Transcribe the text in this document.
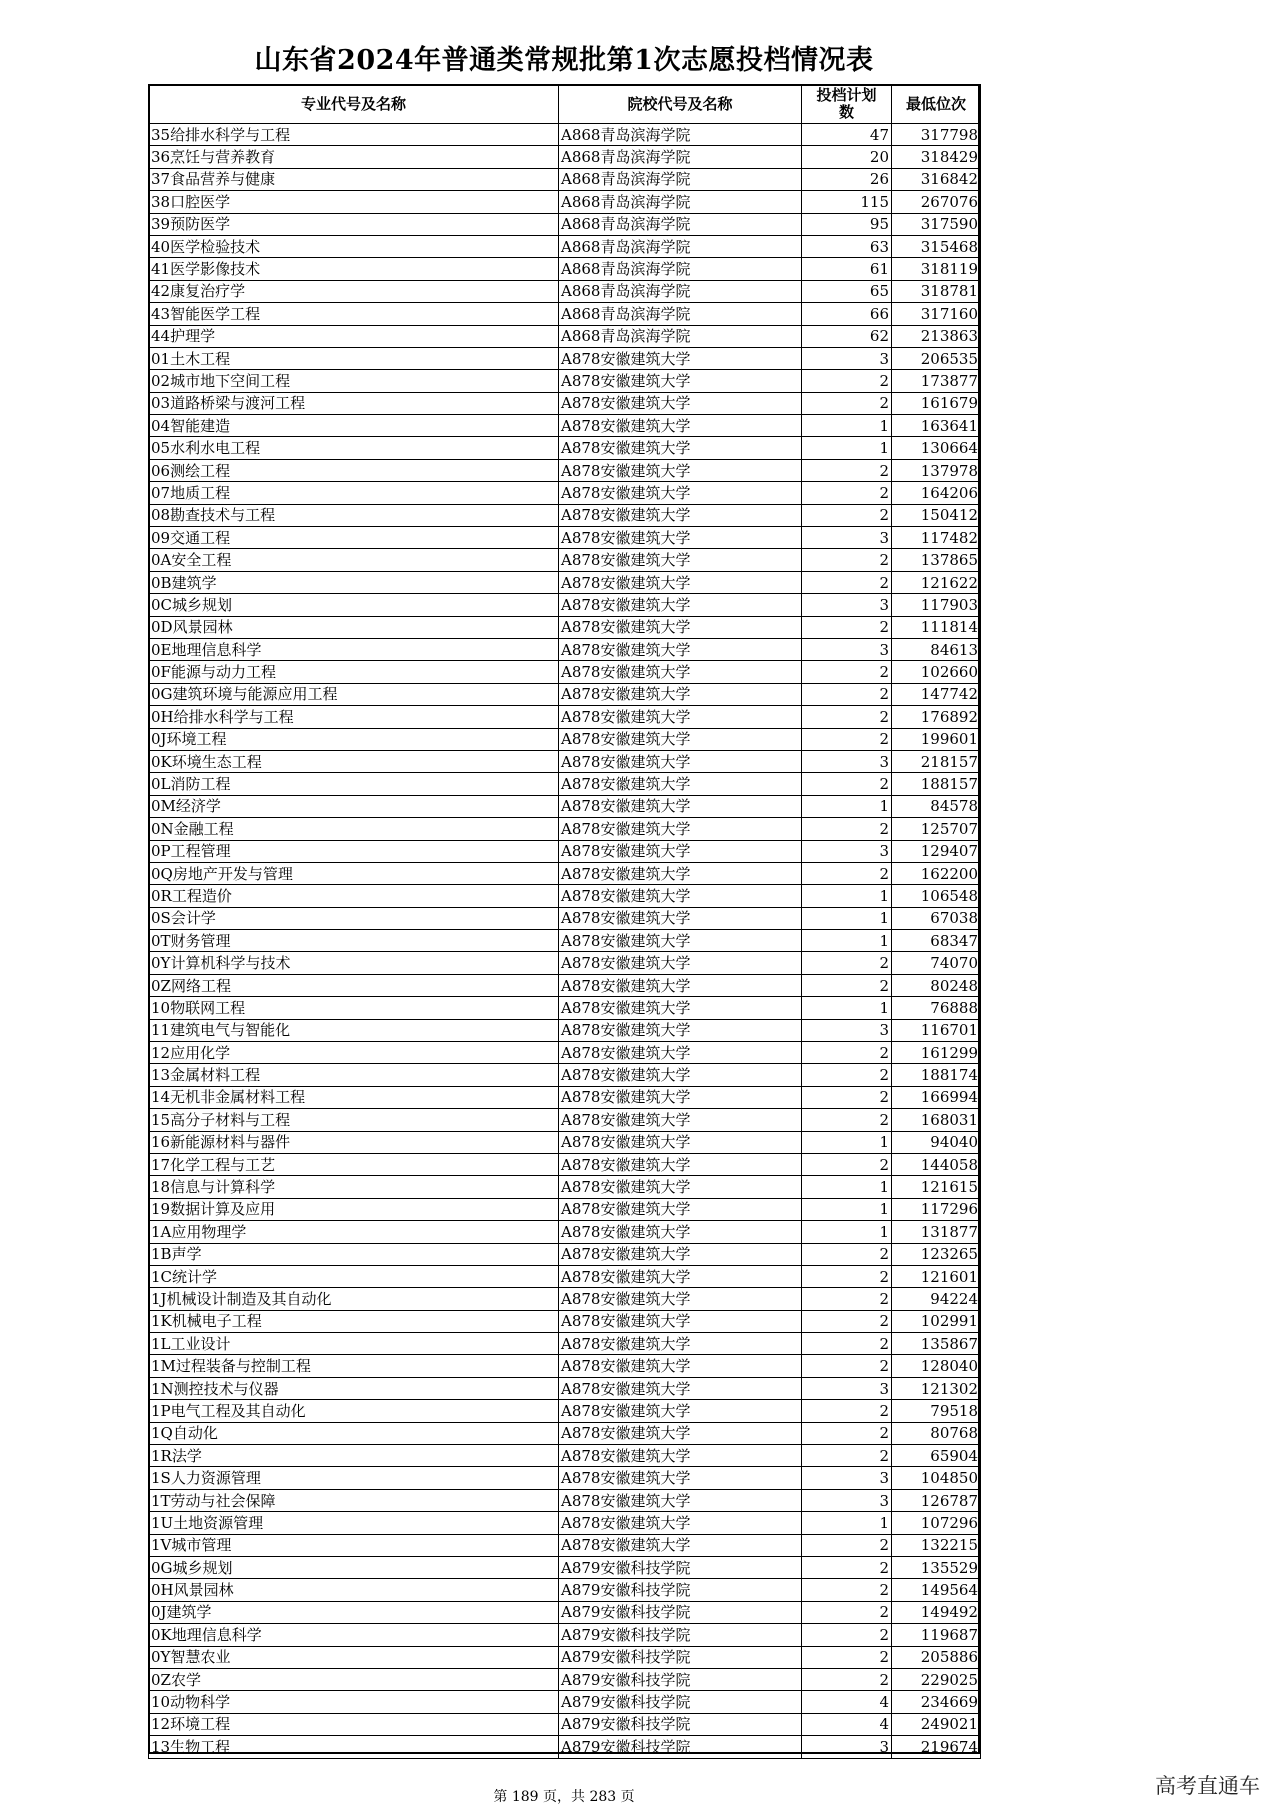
山东省2024年普通类常规批第1次志愿投档情况表
专业代号及名称	院校代号及名称	投档计划数	最低位次
35给排水科学与工程	A868青岛滨海学院	47	317798
36烹饪与营养教育	A868青岛滨海学院	20	318429
37食品营养与健康	A868青岛滨海学院	26	316842
38口腔医学	A868青岛滨海学院	115	267076
39预防医学	A868青岛滨海学院	95	317590
40医学检验技术	A868青岛滨海学院	63	315468
41医学影像技术	A868青岛滨海学院	61	318119
42康复治疗学	A868青岛滨海学院	65	318781
43智能医学工程	A868青岛滨海学院	66	317160
44护理学	A868青岛滨海学院	62	213863
01土木工程	A878安徽建筑大学	3	206535
02城市地下空间工程	A878安徽建筑大学	2	173877
03道路桥梁与渡河工程	A878安徽建筑大学	2	161679
04智能建造	A878安徽建筑大学	1	163641
05水利水电工程	A878安徽建筑大学	1	130664
06测绘工程	A878安徽建筑大学	2	137978
07地质工程	A878安徽建筑大学	2	164206
08勘查技术与工程	A878安徽建筑大学	2	150412
09交通工程	A878安徽建筑大学	3	117482
0A安全工程	A878安徽建筑大学	2	137865
0B建筑学	A878安徽建筑大学	2	121622
0C城乡规划	A878安徽建筑大学	3	117903
0D风景园林	A878安徽建筑大学	2	111814
0E地理信息科学	A878安徽建筑大学	3	84613
0F能源与动力工程	A878安徽建筑大学	2	102660
0G建筑环境与能源应用工程	A878安徽建筑大学	2	147742
0H给排水科学与工程	A878安徽建筑大学	2	176892
0J环境工程	A878安徽建筑大学	2	199601
0K环境生态工程	A878安徽建筑大学	3	218157
0L消防工程	A878安徽建筑大学	2	188157
0M经济学	A878安徽建筑大学	1	84578
0N金融工程	A878安徽建筑大学	2	125707
0P工程管理	A878安徽建筑大学	3	129407
0Q房地产开发与管理	A878安徽建筑大学	2	162200
0R工程造价	A878安徽建筑大学	1	106548
0S会计学	A878安徽建筑大学	1	67038
0T财务管理	A878安徽建筑大学	1	68347
0Y计算机科学与技术	A878安徽建筑大学	2	74070
0Z网络工程	A878安徽建筑大学	2	80248
10物联网工程	A878安徽建筑大学	1	76888
11建筑电气与智能化	A878安徽建筑大学	3	116701
12应用化学	A878安徽建筑大学	2	161299
13金属材料工程	A878安徽建筑大学	2	188174
14无机非金属材料工程	A878安徽建筑大学	2	166994
15高分子材料与工程	A878安徽建筑大学	2	168031
16新能源材料与器件	A878安徽建筑大学	1	94040
17化学工程与工艺	A878安徽建筑大学	2	144058
18信息与计算科学	A878安徽建筑大学	1	121615
19数据计算及应用	A878安徽建筑大学	1	117296
1A应用物理学	A878安徽建筑大学	1	131877
1B声学	A878安徽建筑大学	2	123265
1C统计学	A878安徽建筑大学	2	121601
1J机械设计制造及其自动化	A878安徽建筑大学	2	94224
1K机械电子工程	A878安徽建筑大学	2	102991
1L工业设计	A878安徽建筑大学	2	135867
1M过程装备与控制工程	A878安徽建筑大学	2	128040
1N测控技术与仪器	A878安徽建筑大学	3	121302
1P电气工程及其自动化	A878安徽建筑大学	2	79518
1Q自动化	A878安徽建筑大学	2	80768
1R法学	A878安徽建筑大学	2	65904
1S人力资源管理	A878安徽建筑大学	3	104850
1T劳动与社会保障	A878安徽建筑大学	3	126787
1U土地资源管理	A878安徽建筑大学	1	107296
1V城市管理	A878安徽建筑大学	2	132215
0G城乡规划	A879安徽科技学院	2	135529
0H风景园林	A879安徽科技学院	2	149564
0J建筑学	A879安徽科技学院	2	149492
0K地理信息科学	A879安徽科技学院	2	119687
0Y智慧农业	A879安徽科技学院	2	205886
0Z农学	A879安徽科技学院	2	229025
10动物科学	A879安徽科技学院	4	234669
12环境工程	A879安徽科技学院	4	249021
13生物工程	A879安徽科技学院	3	219674
第 189 页，共 283 页	高考直通车
